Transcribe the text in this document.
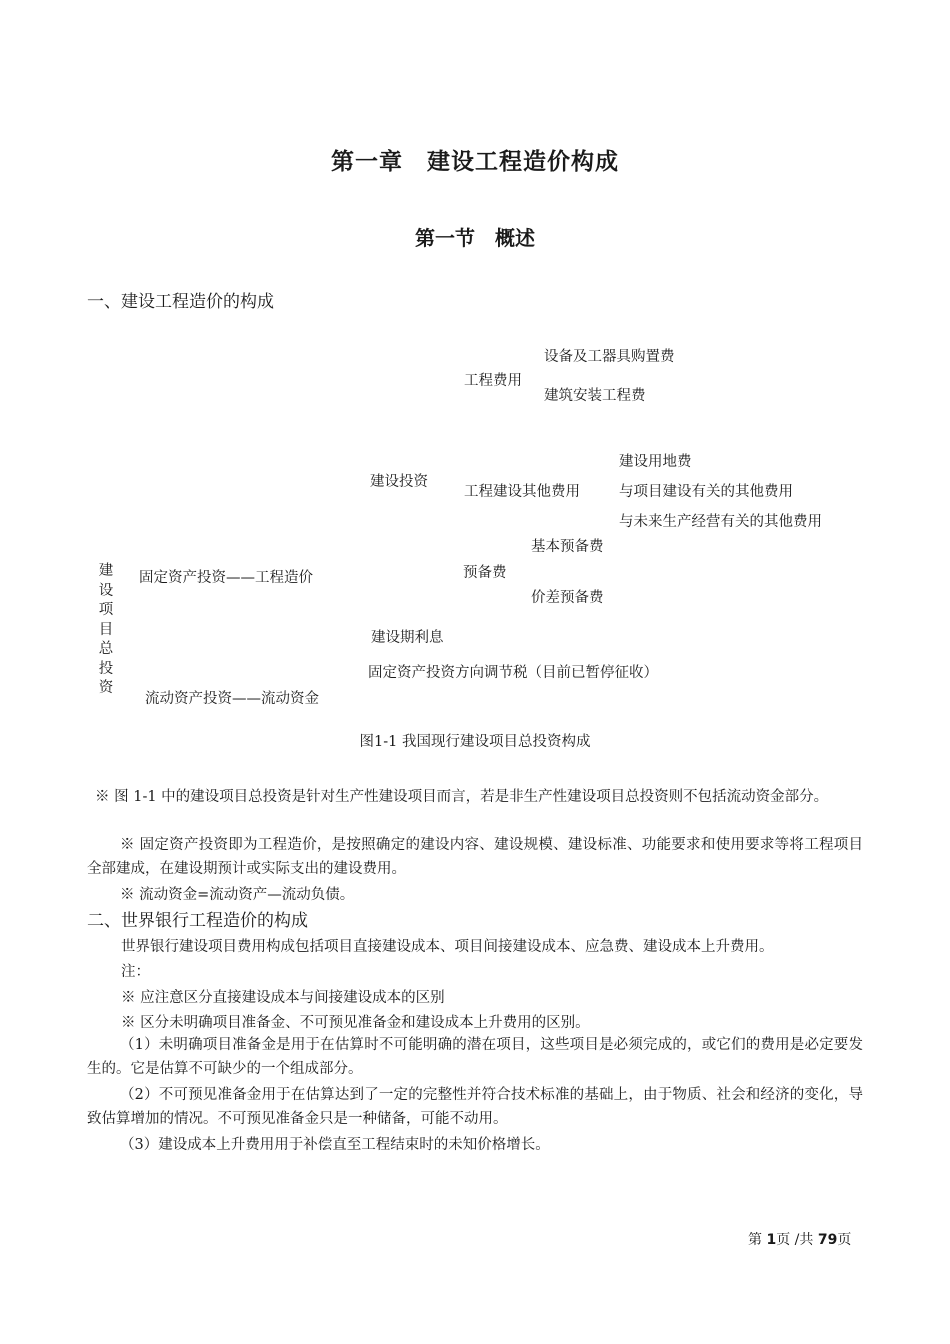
第一章　建设工程造价构成
第一节　概述
一、建设工程造价的构成
设备及工器具购置费
工程费用
建筑安装工程费
建设用地费
建设投资
工程建设其他费用	与项目建设有关的其他费用
与未来生产经营有关的其他费用
基本预备费
预备费
价差预备费
固定资产投资——工程造价
建设项目总投资
建设期利息
固定资产投资方向调节税（目前已暂停征收）
流动资产投资——流动资金
图1-1 我国现行建设项目总投资构成
※ 图 1-1 中的建设项目总投资是针对生产性建设项目而言，若是非生产性建设项目总投资则不包括流动资金部分。
※ 固定资产投资即为工程造价，是按照确定的建设内容、建设规模、建设标准、功能要求和使用要求等将工程项目全部建成，在建设期预计或实际支出的建设费用。
※ 流动资金=流动资产—流动负债。
二、世界银行工程造价的构成
世界银行建设项目费用构成包括项目直接建设成本、项目间接建设成本、应急费、建设成本上升费用。
注：
※ 应注意区分直接建设成本与间接建设成本的区别
※ 区分未明确项目准备金、不可预见准备金和建设成本上升费用的区别。
（1）未明确项目准备金是用于在估算时不可能明确的潜在项目，这些项目是必须完成的，或它们的费用是必定要发生的。它是估算不可缺少的一个组成部分。
（2）不可预见准备金用于在估算达到了一定的完整性并符合技术标准的基础上，由于物质、社会和经济的变化，导致估算增加的情况。不可预见准备金只是一种储备，可能不动用。
（3）建设成本上升费用用于补偿直至工程结束时的未知价格增长。
第 1页 /共 79页
